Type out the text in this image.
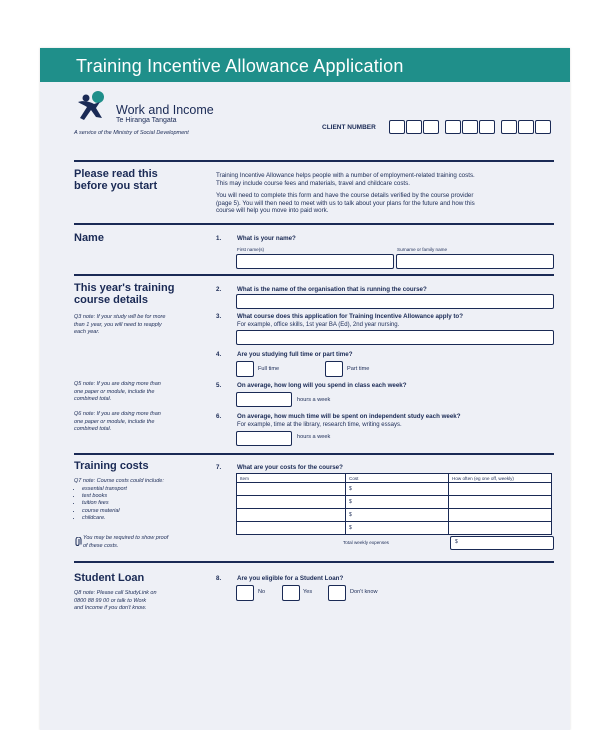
Training Incentive Allowance Application
Work and Income
Te Hiranga Tangata
A service of the Ministry of Social Development
CLIENT NUMBER
Please read this
before you start
Training Incentive Allowance helps people with a number of employment-related training costs.
This may include course fees and materials, travel and childcare costs.
You will need to complete this form and have the course details verified by the course provider
(page 5). You will then need to meet with us to talk about your plans for the future and how this
course will help you move into paid work.
Name	1.	What is your name?
First name(s)	Surname or family name
This year's training
course details
Q3 note: If your study will be for more
than 1 year, you will need to reapply
each year.
Q5 note: If you are doing more than
one paper or module, include the
combined total.
Q6 note: If you are doing more than
one paper or module, include the
combined total.
2.	What is the name of the organisation that is running the course?
3.	What course does this application for Training Incentive Allowance apply to?
For example, office skills, 1st year BA (Ed), 2nd year nursing.
4.	Are you studying full time or part time?
Full time	Part time
5.	On average, how long will you spend in class each week?
hours a week
6.	On average, how much time will be spent on independent study each week?
For example, time at the library, research time, writing essays.
hours a week
Training costs
Q7 note: Course costs could include:
• essential transport
• text books
• tuition fees
• course material
• childcare.
You may be required to show proof
of these costs.
7.	What are your costs for the course?
Item	Cost	How often (eg one off, weekly)
	$	
	$	
	$	
	$	
Total weekly expenses	$
Student Loan
Q8 note: Please call StudyLink on
0800 88 99 00 or talk to Work
and Income if you don't know.
8.	Are you eligible for a Student Loan?
No	Yes	Don't know
